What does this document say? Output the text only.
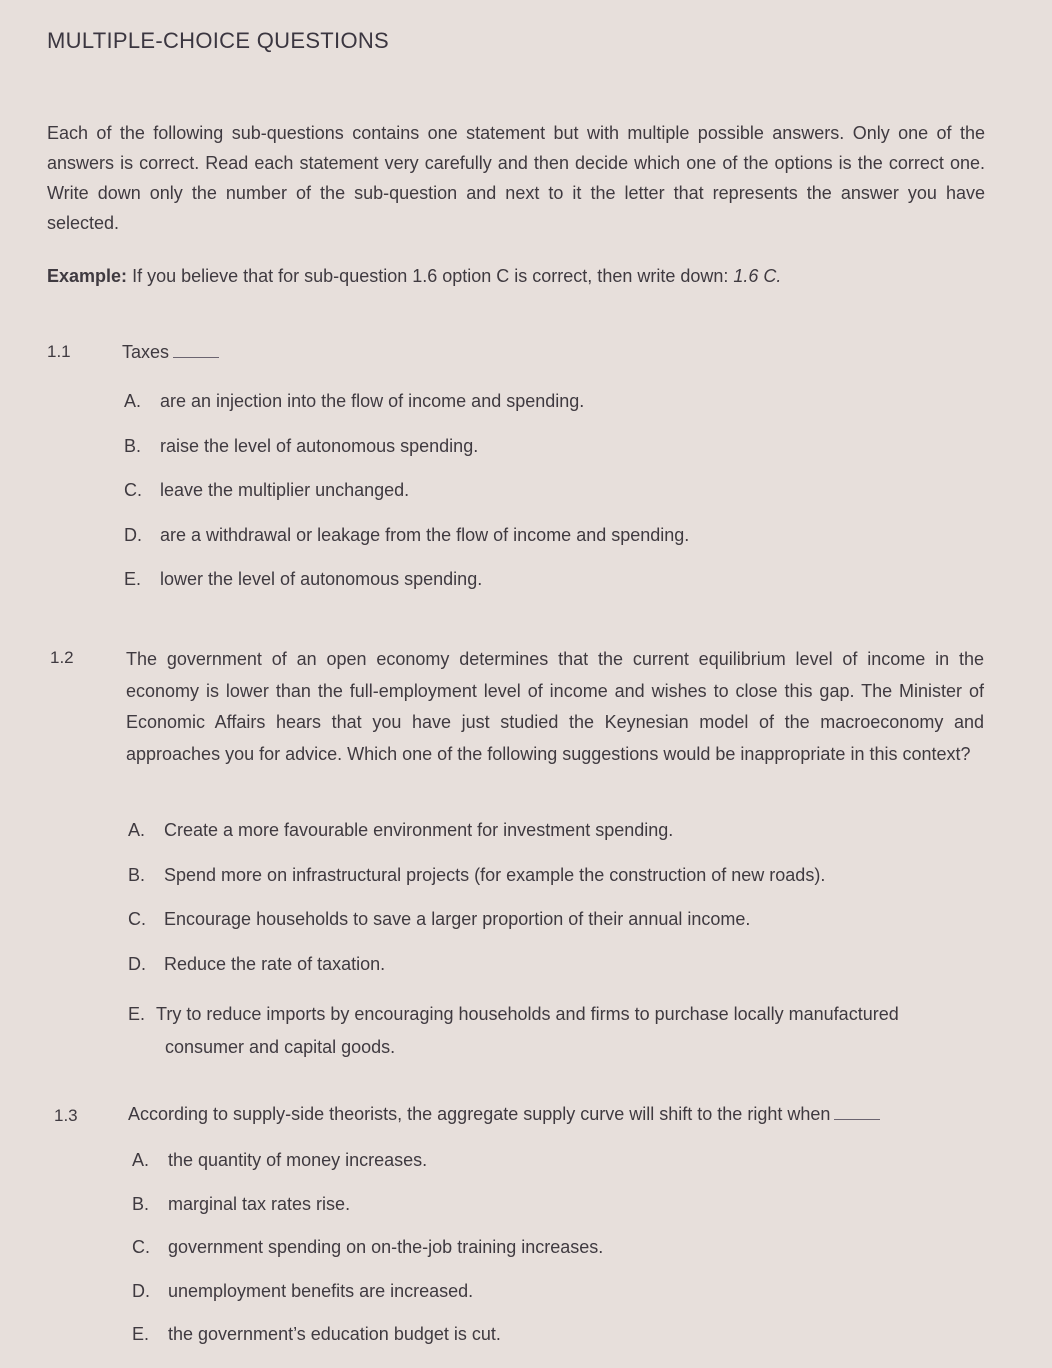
MULTIPLE-CHOICE QUESTIONS
Each of the following sub-questions contains one statement but with multiple possible answers. Only one of the answers is correct. Read each statement very carefully and then decide which one of the options is the correct one. Write down only the number of the sub-question and next to it the letter that represents the answer you have selected.
Example: If you believe that for sub-question 1.6 option C is correct, then write down: 1.6 C.
1.1	Taxes
A. are an injection into the flow of income and spending.
B. raise the level of autonomous spending.
C. leave the multiplier unchanged.
D. are a withdrawal or leakage from the flow of income and spending.
E. lower the level of autonomous spending.
1.2	The government of an open economy determines that the current equilibrium level of income in the economy is lower than the full-employment level of income and wishes to close this gap. The Minister of Economic Affairs hears that you have just studied the Keynesian model of the macroeconomy and approaches you for advice. Which one of the following suggestions would be inappropriate in this context?
A. Create a more favourable environment for investment spending.
B. Spend more on infrastructural projects (for example the construction of new roads).
C. Encourage households to save a larger proportion of their annual income.
D. Reduce the rate of taxation.
E. Try to reduce imports by encouraging households and firms to purchase locally manufactured
consumer and capital goods.
1.3	According to supply-side theorists, the aggregate supply curve will shift to the right when
A. the quantity of money increases.
B. marginal tax rates rise.
C. government spending on on-the-job training increases.
D. unemployment benefits are increased.
E. the government’s education budget is cut.
